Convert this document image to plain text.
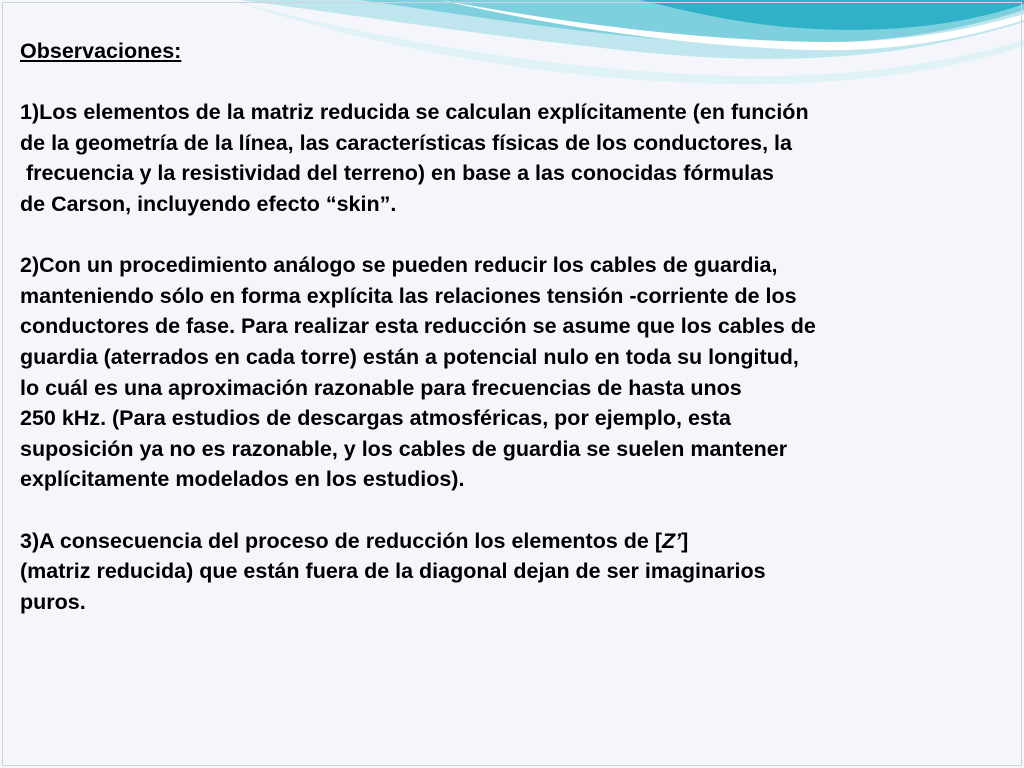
Observaciones:

1)Los elementos de la matriz reducida se calculan explícitamente (en función

de la geometría de la línea, las características físicas de los conductores, la

frecuencia y la resistividad del terreno) en base a las conocidas fórmulas

de Carson, incluyendo efecto “skin”.

2)Con un procedimiento análogo se pueden reducir los cables de guardia,

manteniendo sólo en forma explícita las relaciones tensión -corriente de los

conductores de fase. Para realizar esta reducción se asume que los cables de

guardia (aterrados en cada torre) están a potencial nulo en toda su longitud,

lo cuál es una aproximación razonable para frecuencias de hasta unos

250 kHz. (Para estudios de descargas atmosféricas, por ejemplo, esta

suposición ya no es razonable, y los cables de guardia se suelen mantener

explícitamente modelados en los estudios).

3)A consecuencia del proceso de reducción los elementos de [Z’]

(matriz reducida) que están fuera de la diagonal dejan de ser imaginarios

puros.
